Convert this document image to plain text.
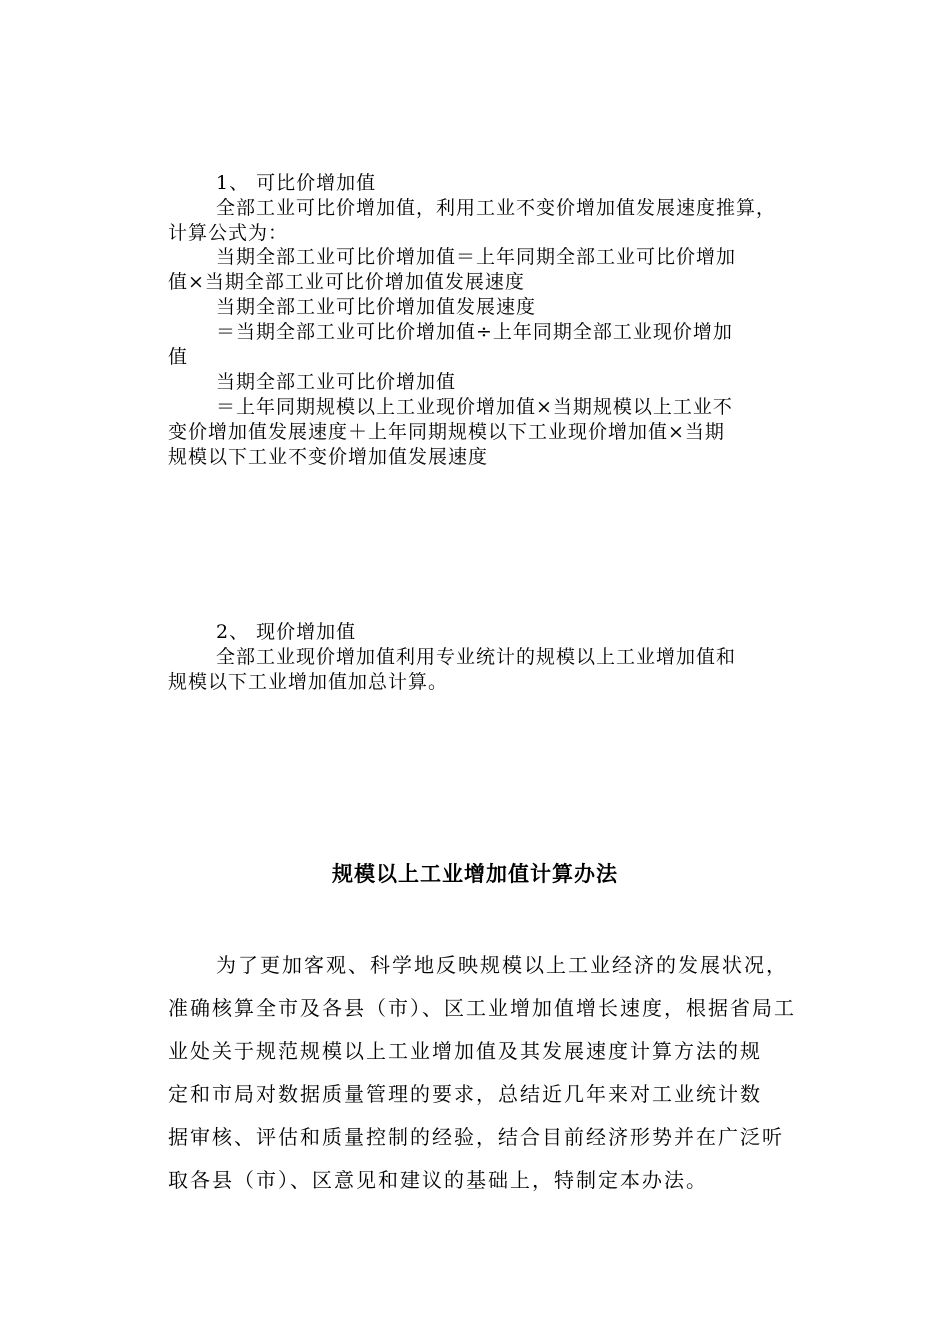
1、 可比价增加值
全部工业可比价增加值，利用工业不变价增加值发展速度推算，
计算公式为：
当期全部工业可比价增加值＝上年同期全部工业可比价增加
值×当期全部工业可比价增加值发展速度
当期全部工业可比价增加值发展速度
＝当期全部工业可比价增加值÷上年同期全部工业现价增加
值
当期全部工业可比价增加值
＝上年同期规模以上工业现价增加值×当期规模以上工业不
变价增加值发展速度＋上年同期规模以下工业现价增加值×当期
规模以下工业不变价增加值发展速度
2、 现价增加值
全部工业现价增加值利用专业统计的规模以上工业增加值和
规模以下工业增加值加总计算。
规模以上工业增加值计算办法
为了更加客观、科学地反映规模以上工业经济的发展状况，
准确核算全市及各县（市）、区工业增加值增长速度，根据省局工
业处关于规范规模以上工业增加值及其发展速度计算方法的规
定和市局对数据质量管理的要求，总结近几年来对工业统计数
据审核、评估和质量控制的经验，结合目前经济形势并在广泛听
取各县（市）、区意见和建议的基础上，特制定本办法。
